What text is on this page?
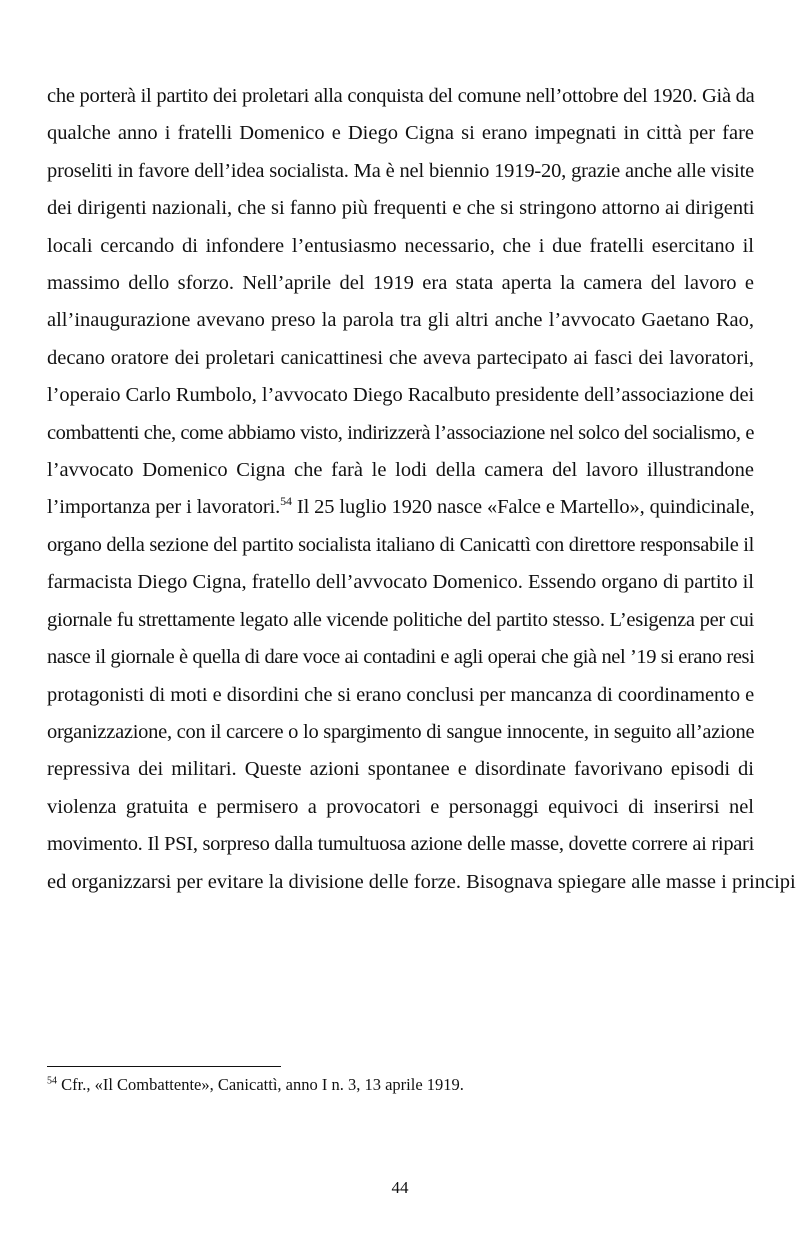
che porterà il partito dei proletari alla conquista del comune nell’ottobre del 1920. Già da
qualche anno i fratelli Domenico e Diego Cigna si erano impegnati in città per fare
proseliti in favore dell’idea socialista. Ma è nel biennio 1919-20, grazie anche alle visite
dei dirigenti nazionali, che si fanno più frequenti e che si stringono attorno ai dirigenti
locali cercando di infondere l’entusiasmo necessario, che i due fratelli esercitano il
massimo dello sforzo. Nell’aprile del 1919 era stata aperta la camera del lavoro e
all’inaugurazione avevano preso la parola tra gli altri anche l’avvocato Gaetano Rao,
decano oratore dei proletari canicattinesi che aveva partecipato ai fasci dei lavoratori,
l’operaio Carlo Rumbolo, l’avvocato Diego Racalbuto presidente dell’associazione dei
combattenti che, come abbiamo visto, indirizzerà l’associazione nel solco del socialismo, e
l’avvocato Domenico Cigna che farà le lodi della camera del lavoro illustrandone
l’importanza per i lavoratori.$^{54}$ Il 25 luglio 1920 nasce «Falce e Martello», quindicinale,
organo della sezione del partito socialista italiano di Canicattì con direttore responsabile il
farmacista Diego Cigna, fratello dell’avvocato Domenico. Essendo organo di partito il
giornale fu strettamente legato alle vicende politiche del partito stesso. L’esigenza per cui
nasce il giornale è quella di dare voce ai contadini e agli operai che già nel ’19 si erano resi
protagonisti di moti e disordini che si erano conclusi per mancanza di coordinamento e
organizzazione, con il carcere o lo spargimento di sangue innocente, in seguito all’azione
repressiva dei militari. Queste azioni spontanee e disordinate favorivano episodi di
violenza gratuita e permisero a provocatori e personaggi equivoci di inserirsi nel
movimento. Il PSI, sorpreso dalla tumultuosa azione delle masse, dovette correre ai ripari
ed organizzarsi per evitare la divisione delle forze. Bisognava spiegare alle masse i principi

$^{54}$ Cfr., «Il Combattente», Canicattì, anno I n. 3, 13 aprile 1919.

44
